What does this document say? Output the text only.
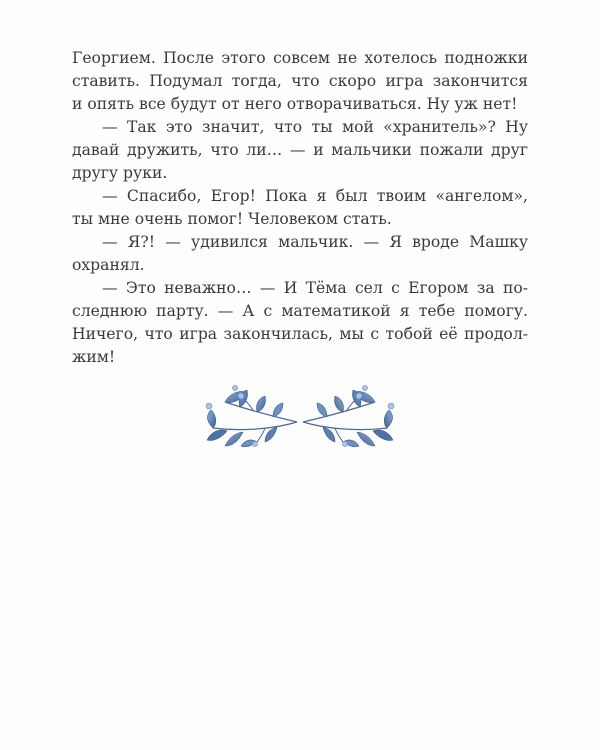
Георгием. После этого совсем не хотелось подножки
ставить. Подумал тогда, что скоро игра закончится
и опять все будут от него отворачиваться. Ну уж нет!
— Так это значит, что ты мой «хранитель»? Ну
давай дружить, что ли… — и мальчики пожали друг
другу руки.
— Спасибо, Егор! Пока я был твоим «ангелом»,
ты мне очень помог! Человеком стать.
— Я?! — удивился мальчик. — Я вроде Машку
охранял.
— Это неважно… — И Тёма сел с Егором за по-
следнюю парту. — А с математикой я тебе помогу.
Ничего, что игра закончилась, мы с тобой её продол-
жим!
